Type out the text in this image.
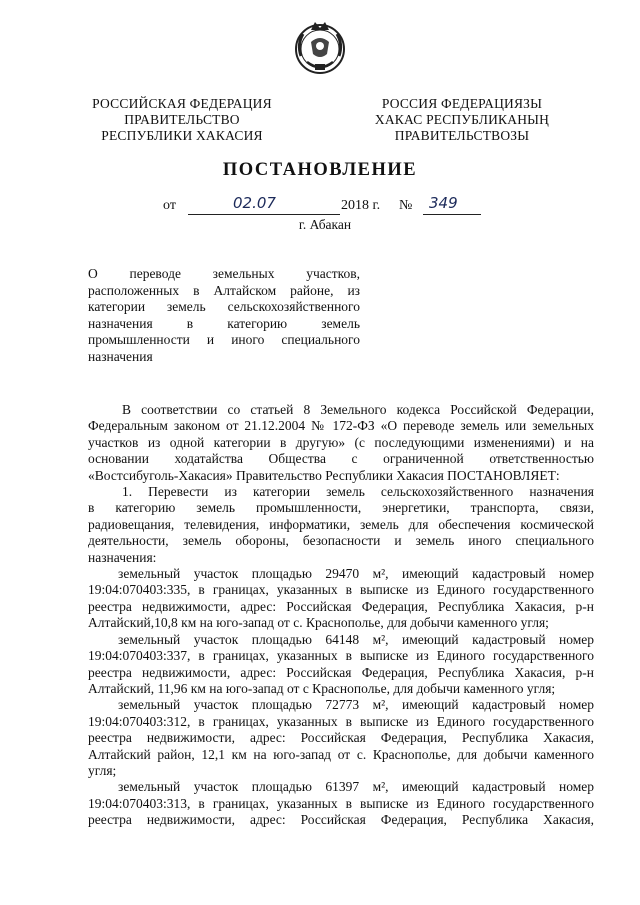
РОССИЙСКАЯ ФЕДЕРАЦИЯ
ПРАВИТЕЛЬСТВО
РЕСПУБЛИКИ ХАКАСИЯ
РОССИЯ ФЕДЕРАЦИЯЗЫ
ХАКАС РЕСПУБЛИКАНЫҢ
ПРАВИТЕЛЬСТВОЗЫ
ПОСТАНОВЛЕНИЕ
от	02.07	2018 г. № 349
г. Абакан
О переводе земельных участков,
расположенных в Алтайском районе, из
категории земель сельскохозяйственного
назначения в категорию земель
промышленности и иного специального
назначения
В соответствии со статьей 8 Земельного кодекса Российской Федерации,
Федеральным законом от 21.12.2004 № 172-ФЗ «О переводе земель или земельных
участков из одной категории в другую» (с последующими изменениями) и на
основании ходатайства Общества с ограниченной ответственностью
«Востсибуголь-Хакасия» Правительство Республики Хакасия ПОСТАНОВЛЯЕТ:
1. Перевести из категории земель сельскохозяйственного назначения
в категорию земель промышленности, энергетики, транспорта, связи,
радиовещания, телевидения, информатики, земель для обеспечения космической
деятельности, земель обороны, безопасности и земель иного специального
назначения:
земельный участок площадью 29470 м², имеющий кадастровый номер
19:04:070403:335, в границах, указанных в выписке из Единого государственного
реестра недвижимости, адрес: Российская Федерация, Республика Хакасия, р-н
Алтайский,10,8 км на юго-запад от с. Краснополье, для добычи каменного угля;
земельный участок площадью 64148 м², имеющий кадастровый номер
19:04:070403:337, в границах, указанных в выписке из Единого государственного
реестра недвижимости, адрес: Российская Федерация, Республика Хакасия, р-н
Алтайский, 11,96 км на юго-запад от с Краснополье, для добычи каменного угля;
земельный участок площадью 72773 м², имеющий кадастровый номер
19:04:070403:312, в границах, указанных в выписке из Единого государственного
реестра недвижимости, адрес: Российская Федерация, Республика Хакасия,
Алтайский район, 12,1 км на юго-запад от с. Краснополье, для добычи каменного
угля;
земельный участок площадью 61397 м², имеющий кадастровый номер
19:04:070403:313, в границах, указанных в выписке из Единого государственного
реестра недвижимости, адрес: Российская Федерация, Республика Хакасия,
